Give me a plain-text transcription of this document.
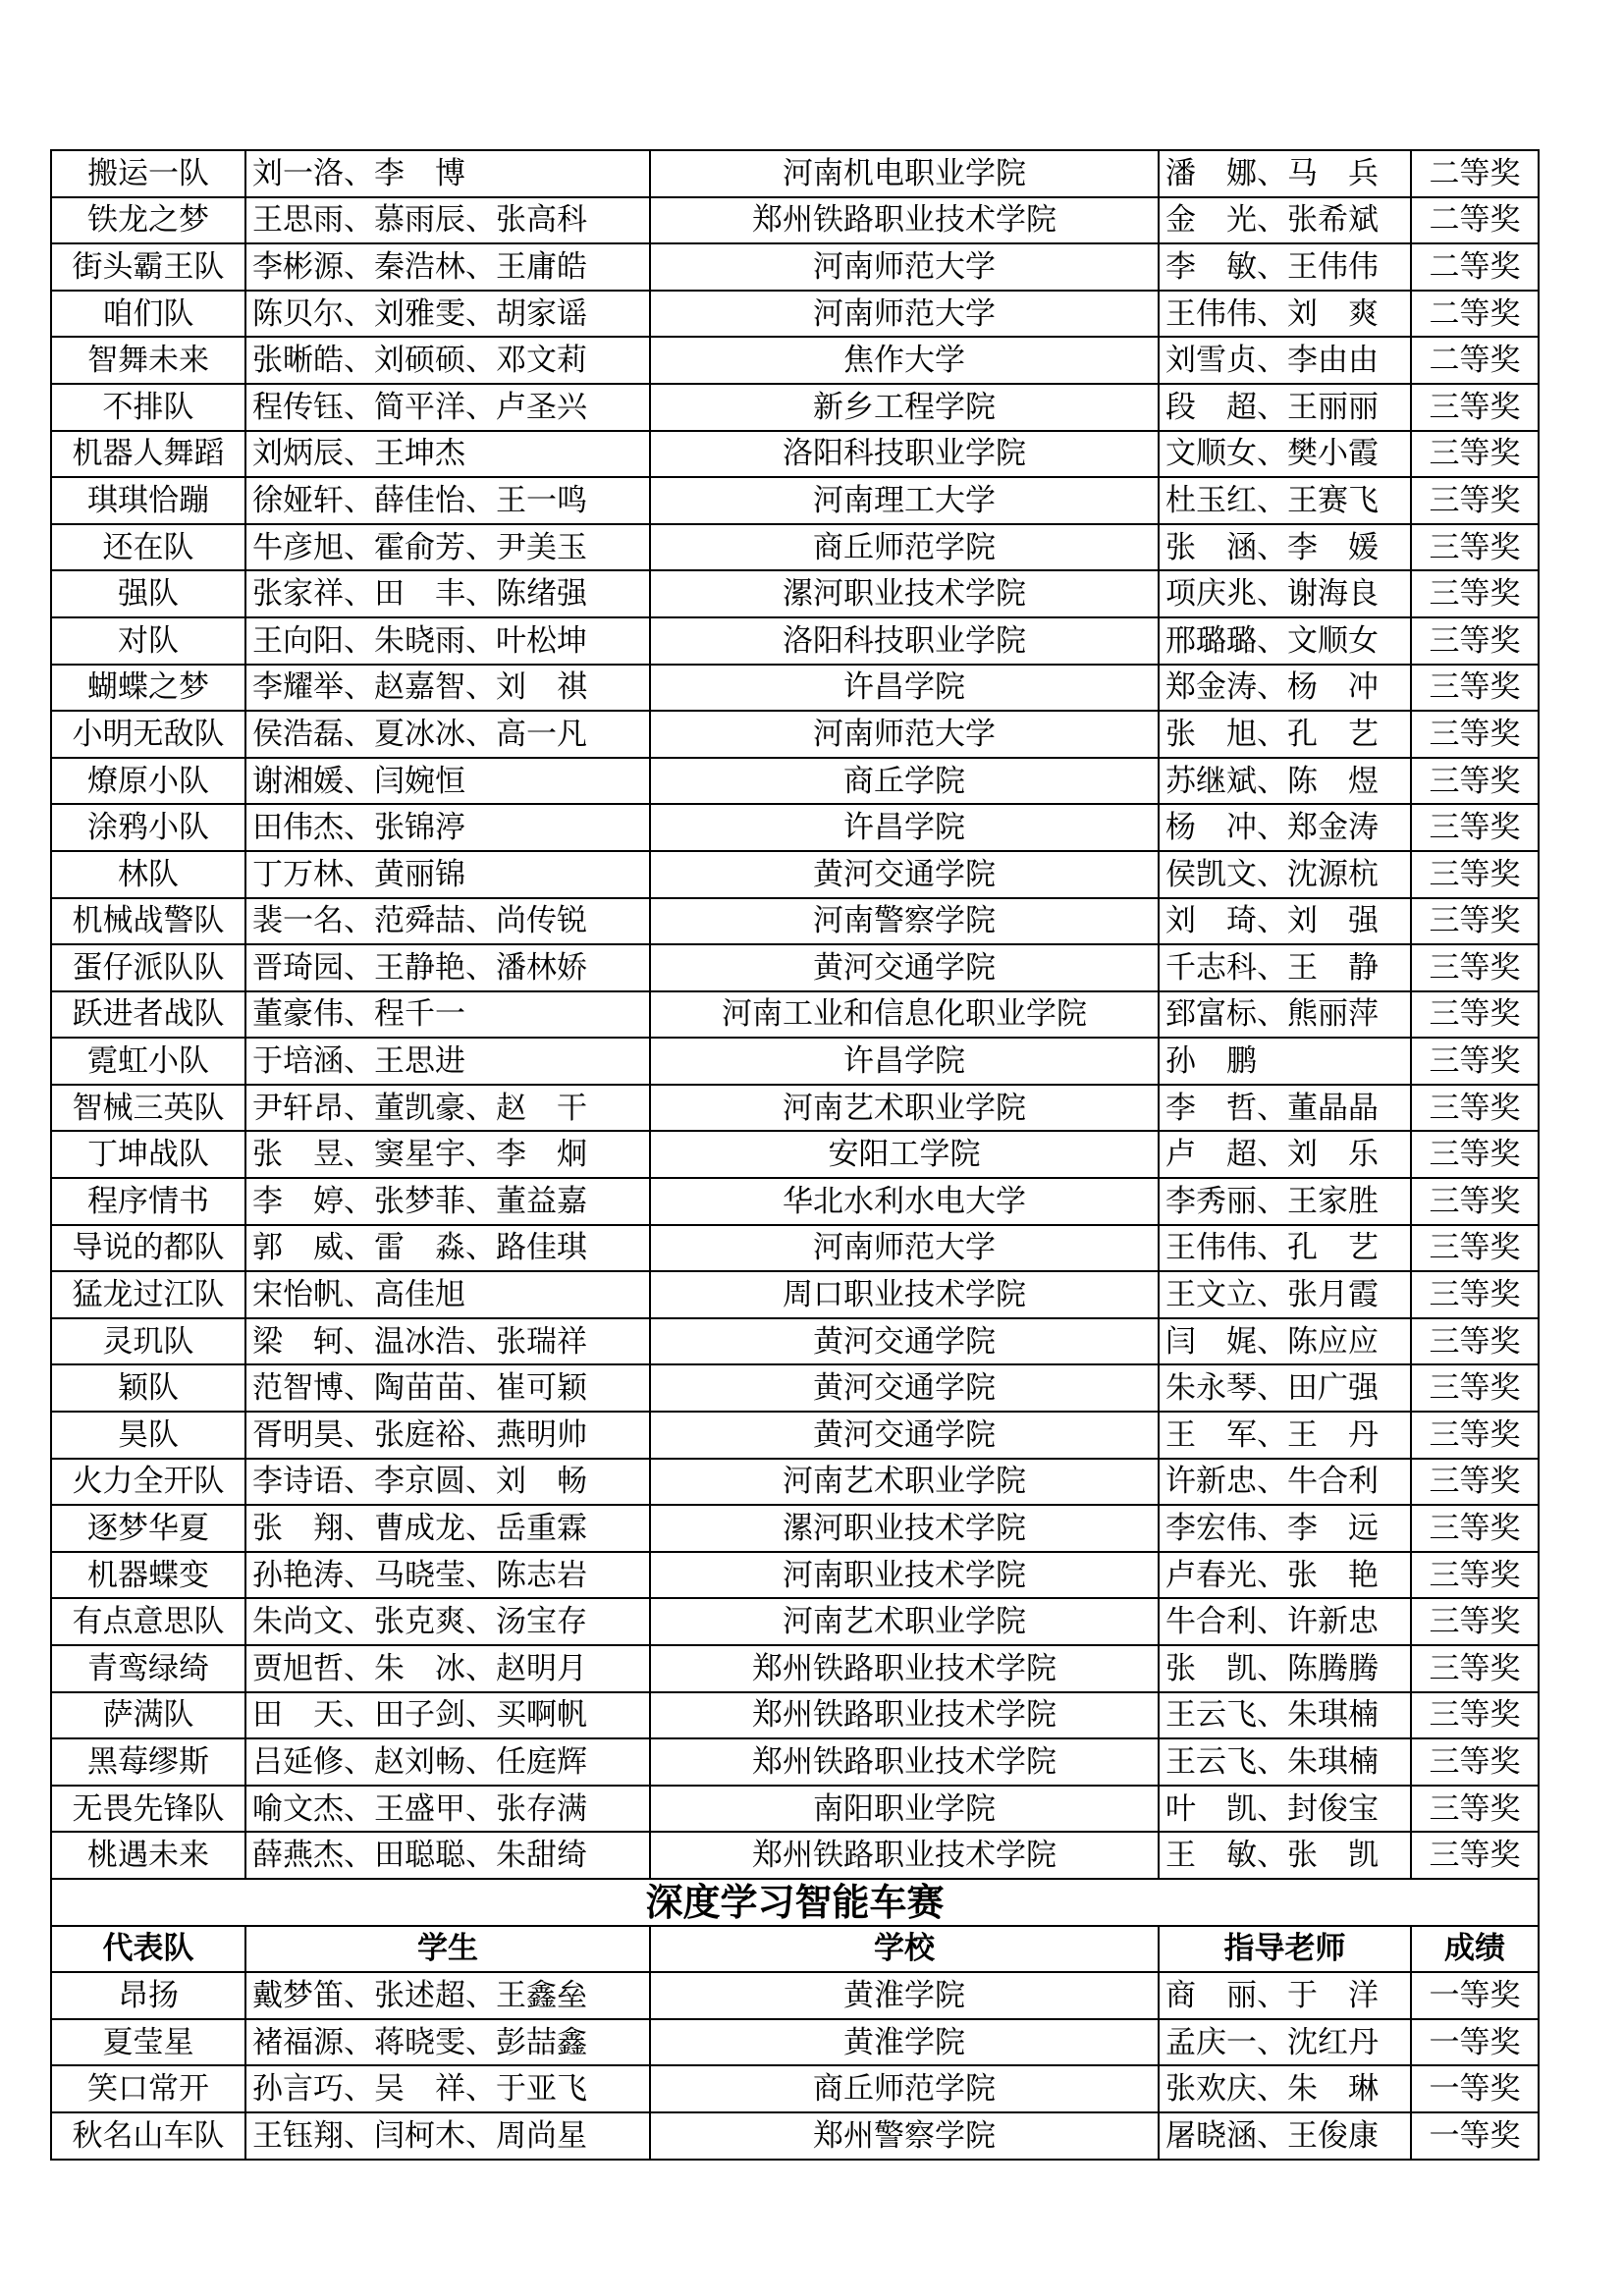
搬运一队	刘一洛、李　博	河南机电职业学院	潘　娜、马　兵	二等奖
铁龙之梦	王思雨、慕雨辰、张高科	郑州铁路职业技术学院	金　光、张希斌	二等奖
街头霸王队	李彬源、秦浩林、王庸皓	河南师范大学	李　敏、王伟伟	二等奖
咱们队	陈贝尔、刘雅雯、胡家谣	河南师范大学	王伟伟、刘　爽	二等奖
智舞未来	张晰皓、刘硕硕、邓文莉	焦作大学	刘雪贞、李由由	二等奖
不排队	程传钰、简平洋、卢圣兴	新乡工程学院	段　超、王丽丽	三等奖
机器人舞蹈	刘炳辰、王坤杰	洛阳科技职业学院	文顺女、樊小霞	三等奖
琪琪恰蹦	徐娅轩、薛佳怡、王一鸣	河南理工大学	杜玉红、王赛飞	三等奖
还在队	牛彦旭、霍俞芳、尹美玉	商丘师范学院	张　涵、李　媛	三等奖
强队	张家祥、田　丰、陈绪强	漯河职业技术学院	项庆兆、谢海良	三等奖
对队	王向阳、朱晓雨、叶松坤	洛阳科技职业学院	邢璐璐、文顺女	三等奖
蝴蝶之梦	李耀举、赵嘉智、刘　祺	许昌学院	郑金涛、杨　冲	三等奖
小明无敌队	侯浩磊、夏冰冰、高一凡	河南师范大学	张　旭、孔　艺	三等奖
燎原小队	谢湘媛、闫婉恒	商丘学院	苏继斌、陈　煜	三等奖
涂鸦小队	田伟杰、张锦渟	许昌学院	杨　冲、郑金涛	三等奖
林队	丁万林、黄丽锦	黄河交通学院	侯凯文、沈源杭	三等奖
机械战警队	裴一名、范舜喆、尚传锐	河南警察学院	刘　琦、刘　强	三等奖
蛋仔派队队	晋琦园、王静艳、潘林娇	黄河交通学院	千志科、王　静	三等奖
跃进者战队	董豪伟、程千一	河南工业和信息化职业学院	郅富标、熊丽萍	三等奖
霓虹小队	于培涵、王思进	许昌学院	孙　鹏	三等奖
智械三英队	尹轩昂、董凯豪、赵　干	河南艺术职业学院	李　哲、董晶晶	三等奖
丁坤战队	张　昱、窦星宇、李　炯	安阳工学院	卢　超、刘　乐	三等奖
程序情书	李　婷、张梦菲、董益嘉	华北水利水电大学	李秀丽、王家胜	三等奖
导说的都队	郭　威、雷　淼、路佳琪	河南师范大学	王伟伟、孔　艺	三等奖
猛龙过江队	宋怡帆、高佳旭	周口职业技术学院	王文立、张月霞	三等奖
灵玑队	梁　轲、温冰浩、张瑞祥	黄河交通学院	闫　娓、陈应应	三等奖
颖队	范智博、陶苗苗、崔可颖	黄河交通学院	朱永琴、田广强	三等奖
昊队	胥明昊、张庭裕、燕明帅	黄河交通学院	王　军、王　丹	三等奖
火力全开队	李诗语、李京圆、刘　畅	河南艺术职业学院	许新忠、牛合利	三等奖
逐梦华夏	张　翔、曹成龙、岳重霖	漯河职业技术学院	李宏伟、李　远	三等奖
机器蝶变	孙艳涛、马晓莹、陈志岩	河南职业技术学院	卢春光、张　艳	三等奖
有点意思队	朱尚文、张克爽、汤宝存	河南艺术职业学院	牛合利、许新忠	三等奖
青鸾绿绮	贾旭哲、朱　冰、赵明月	郑州铁路职业技术学院	张　凯、陈腾腾	三等奖
萨满队	田　天、田子剑、买啊帆	郑州铁路职业技术学院	王云飞、朱琪楠	三等奖
黑莓缪斯	吕延修、赵刘畅、任庭辉	郑州铁路职业技术学院	王云飞、朱琪楠	三等奖
无畏先锋队	喻文杰、王盛甲、张存满	南阳职业学院	叶　凯、封俊宝	三等奖
桃遇未来	薛燕杰、田聪聪、朱甜绮	郑州铁路职业技术学院	王　敏、张　凯	三等奖
深度学习智能车赛				
代表队	学生	学校	指导老师	成绩
昂扬	戴梦笛、张述超、王鑫垒	黄淮学院	商　丽、于　洋	一等奖
夏莹星	褚福源、蒋晓雯、彭喆鑫	黄淮学院	孟庆一、沈红丹	一等奖
笑口常开	孙言巧、吴　祥、于亚飞	商丘师范学院	张欢庆、朱　琳	一等奖
秋名山车队	王钰翔、闫柯木、周尚星	郑州警察学院	屠晓涵、王俊康	一等奖
